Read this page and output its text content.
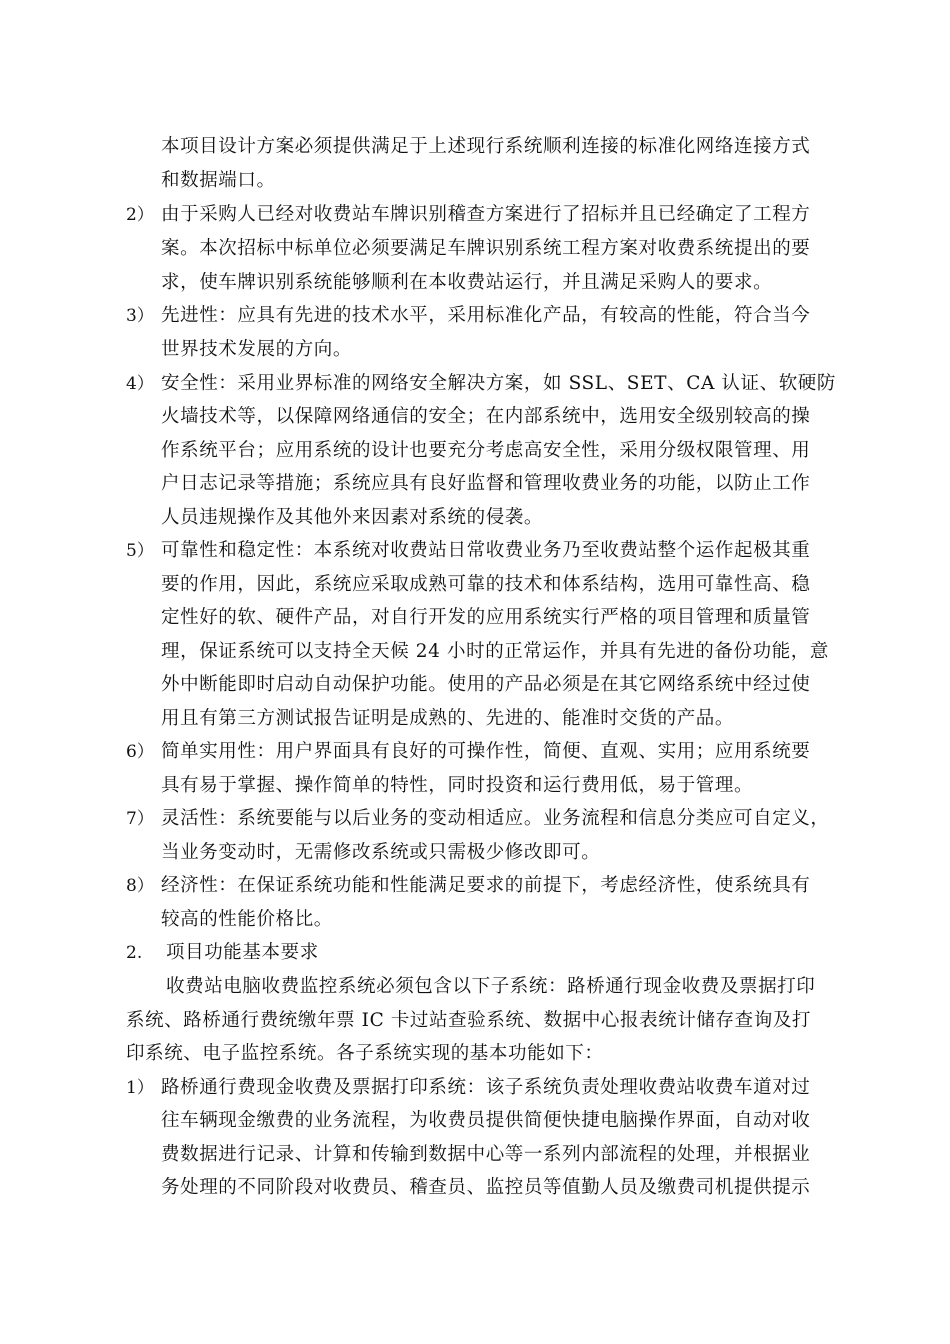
本项目设计方案必须提供满足于上述现行系统顺利连接的标准化网络连接方式
和数据端口。
2） 由于采购人已经对收费站车牌识别稽查方案进行了招标并且已经确定了工程方
案。本次招标中标单位必须要满足车牌识别系统工程方案对收费系统提出的要
求，使车牌识别系统能够顺利在本收费站运行，并且满足采购人的要求。
3） 先进性：应具有先进的技术水平，采用标准化产品，有较高的性能，符合当今
世界技术发展的方向。
4） 安全性：采用业界标准的网络安全解决方案，如 SSL、SET、CA 认证、软硬防
火墙技术等，以保障网络通信的安全；在内部系统中，选用安全级别较高的操
作系统平台；应用系统的设计也要充分考虑高安全性，采用分级权限管理、用
户日志记录等措施；系统应具有良好监督和管理收费业务的功能，以防止工作
人员违规操作及其他外来因素对系统的侵袭。
5） 可靠性和稳定性：本系统对收费站日常收费业务乃至收费站整个运作起极其重
要的作用，因此，系统应采取成熟可靠的技术和体系结构，选用可靠性高、稳
定性好的软、硬件产品，对自行开发的应用系统实行严格的项目管理和质量管
理，保证系统可以支持全天候 24 小时的正常运作，并具有先进的备份功能，意
外中断能即时启动自动保护功能。使用的产品必须是在其它网络系统中经过使
用且有第三方测试报告证明是成熟的、先进的、能准时交货的产品。
6） 简单实用性：用户界面具有良好的可操作性，简便、直观、实用；应用系统要
具有易于掌握、操作简单的特性，同时投资和运行费用低，易于管理。
7） 灵活性：系统要能与以后业务的变动相适应。业务流程和信息分类应可自定义，
当业务变动时，无需修改系统或只需极少修改即可。
8） 经济性：在保证系统功能和性能满足要求的前提下，考虑经济性，使系统具有
较高的性能价格比。
2. 项目功能基本要求
收费站电脑收费监控系统必须包含以下子系统：路桥通行现金收费及票据打印
系统、路桥通行费统缴年票 IC 卡过站查验系统、数据中心报表统计储存查询及打
印系统、电子监控系统。各子系统实现的基本功能如下：
1） 路桥通行费现金收费及票据打印系统：该子系统负责处理收费站收费车道对过
往车辆现金缴费的业务流程，为收费员提供简便快捷电脑操作界面，自动对收
费数据进行记录、计算和传输到数据中心等一系列内部流程的处理，并根据业
务处理的不同阶段对收费员、稽查员、监控员等值勤人员及缴费司机提供提示
